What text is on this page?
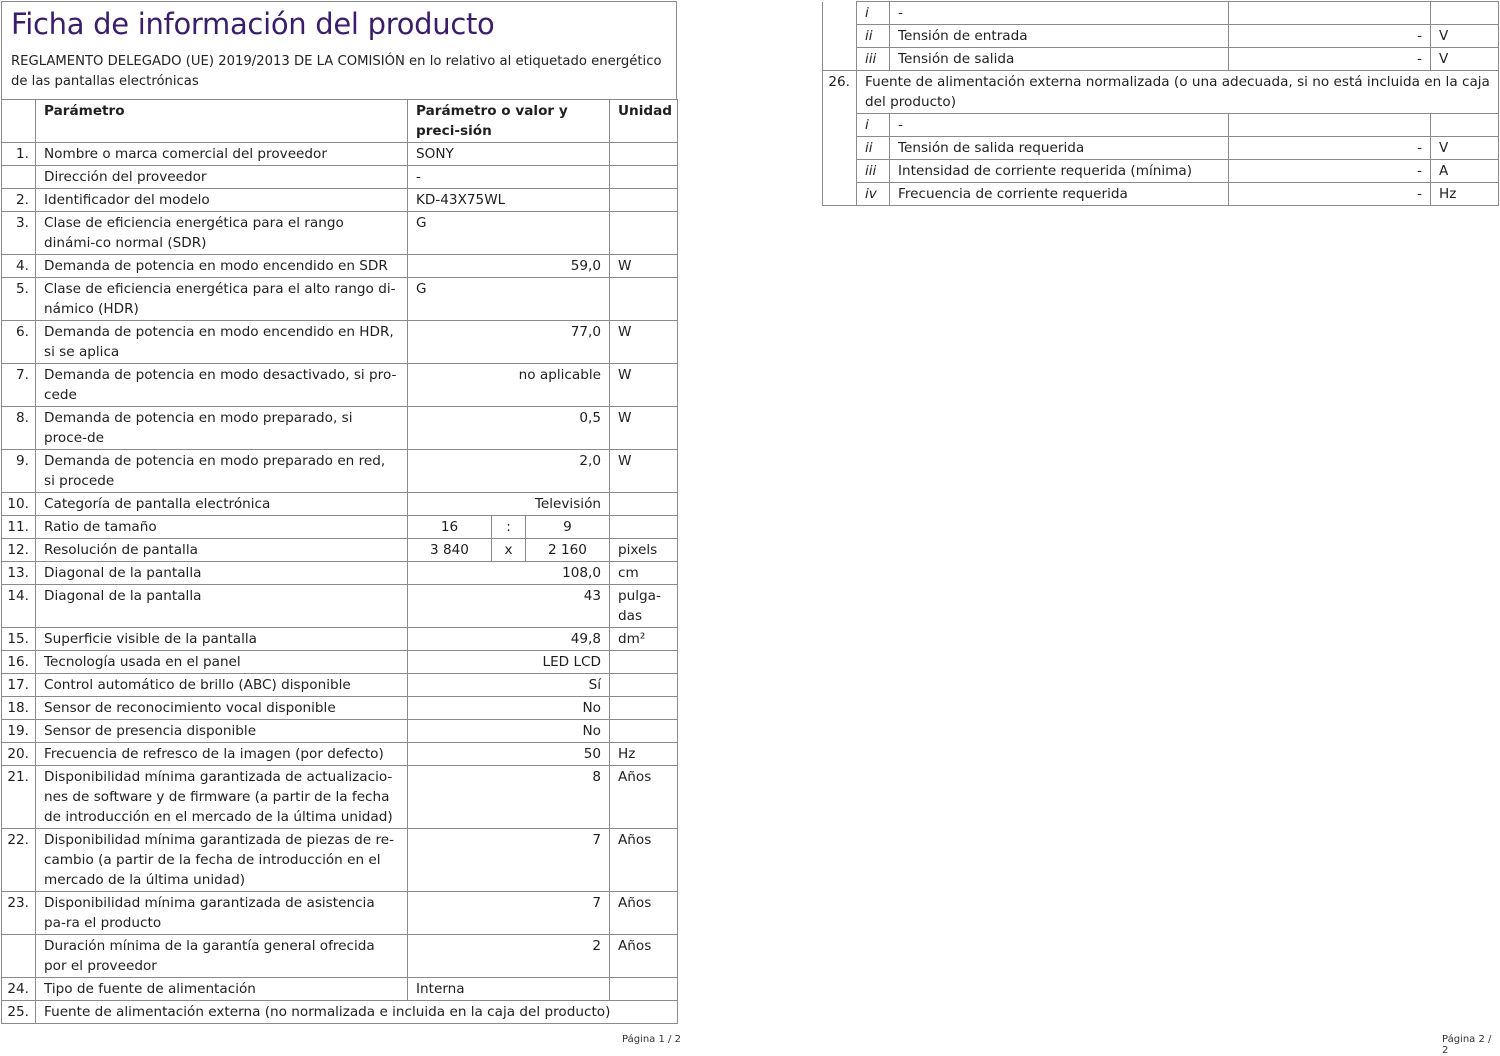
Ficha de información del producto
REGLAMENTO DELEGADO (UE) 2019/2013 DE LA COMISIÓN en lo relativo al etiquetado energético de las pantallas electrónicas
	Parámetro	Parámetro o valor y preci-sión			Unidad
1.	Nombre o marca comercial del proveedor	SONY			
	Dirección del proveedor	-			
2.	Identificador del modelo	KD-43X75WL			
3.	Clase de eficiencia energética para el rango dinámi-co normal (SDR)	G			
4.	Demanda de potencia en modo encendido en SDR	59,0			W
5.	Clase de eficiencia energética para el alto rango di-námico (HDR)	G			
6.	Demanda de potencia en modo encendido en HDR, si se aplica	77,0			W
7.	Demanda de potencia en modo desactivado, si pro-cede	no aplicable			W
8.	Demanda de potencia en modo preparado, si proce-de	0,5			W
9.	Demanda de potencia en modo preparado en red, si procede	2,0			W
10.	Categoría de pantalla electrónica	Televisión			
11.	Ratio de tamaño	16	:	9	
12.	Resolución de pantalla	3 840	x	2 160	pixels
13.	Diagonal de la pantalla	108,0			cm
14.	Diagonal de la pantalla	43			pulga-das
15.	Superficie visible de la pantalla	49,8			dm²
16.	Tecnología usada en el panel	LED LCD			
17.	Control automático de brillo (ABC) disponible	Sí			
18.	Sensor de reconocimiento vocal disponible	No			
19.	Sensor de presencia disponible	No			
20.	Frecuencia de refresco de la imagen (por defecto)	50			Hz
21.	Disponibilidad mínima garantizada de actualizacio-nes de software y de firmware (a partir de la fecha de introducción en el mercado de la última unidad)	8			Años
22.	Disponibilidad mínima garantizada de piezas de re-cambio (a partir de la fecha de introducción en el mercado de la última unidad)	7			Años
23.	Disponibilidad mínima garantizada de asistencia pa-ra el producto	7			Años
	Duración mínima de la garantía general ofrecida por el proveedor	2			Años
24.	Tipo de fuente de alimentación	Interna			
25.	Fuente de alimentación externa (no normalizada e incluida en la caja del producto)				
Página 1 / 2
	i	-		
	ii	Tensión de entrada	-	V
	iii	Tensión de salida	-	V
26.	Fuente de alimentación externa normalizada (o una adecuada, si no está incluida en la caja del producto)			
	i	-		
	ii	Tensión de salida requerida	-	V
	iii	Intensidad de corriente requerida (mínima)	-	A
	iv	Frecuencia de corriente requerida	-	Hz
Página 2 / 2
